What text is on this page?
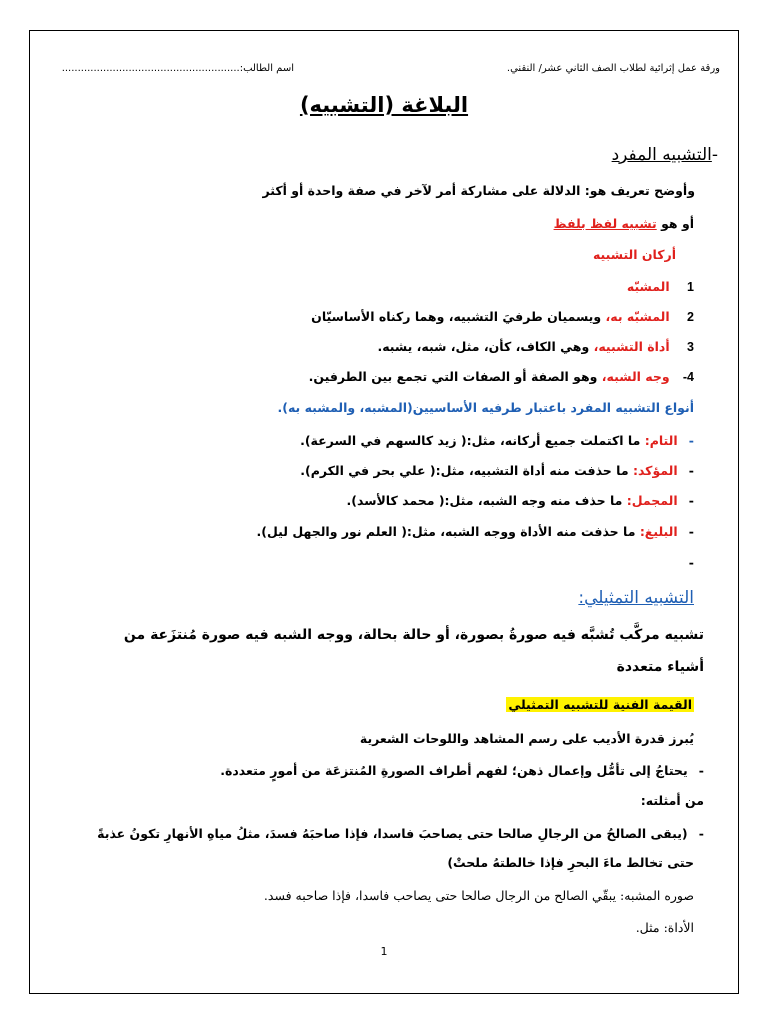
ورقة عمل إثرائية لطلاب الصف الثاني عشر/ النقني.
اسم الطالب:........................................................
البلاغة (التشبيه)
-التشبيه المفرد
وأوضح تعريف هو: الدلالة على مشاركة أمر لآخر في صفة واحدة أو أكثر
أو هو تشبيه لفظ بلفظ
أركان التشبيه
1 المشبّه
2 المشبّه به، ويسميان طرفيَ التشبيه، وهما ركناه الأساسيّان
3 أداة التشبيه، وهي الكاف، كأن، مثل، شبه، يشبه.
4- وجه الشبه، وهو الصفة أو الصفات التي تجمع بين الطرفين.
أنواع التشبيه المفرد باعتبار طرفيه الأساسيين(المشبه، والمشبه به).
- التام: ما اكتملت جميع أركانه، مثل:( زيد كالسهم في السرعة).
- المؤكد: ما حذفت منه أداة التشبيه، مثل:( علي بحر في الكرم).
- المجمل: ما حذف منه وجه الشبه، مثل:( محمد كالأسد).
- البليغ: ما حذفت منه الأداة ووجه الشبه، مثل:( العلم نور والجهل ليل).
-
التشبيه التمثيلي:
تشبيه مركَّب تُشبَّه فيه صورةُ بصورة، أو حالة بحالة، ووجه الشبه فيه صورة مُنتزَعة من
أشياء متعددة
القيمة الفنية للتشبيه التمثيلي
يُبرز قدرة الأديب على رسم المشاهد واللوحات الشعرية
- يحتاجُ إلى تأمُّل وإعمال ذهن؛ لفهم أطراف الصورةِ المُنتزعَة من أمورٍ متعددة.
من أمثلته:
- (يبقى الصالحُ من الرجالِ صالحا حتى يصاحبَ فاسدا، فإذا صاحبَهُ فسدَ، مثلُ مياهِ الأنهارِ تكونُ عذبةً
حتى تخالط ماءَ البحرِ فإذا خالطتهُ ملحتْ)
صوره المشبه: يبقّي الصالح من الرجال صالحا حتى يصاحب فاسدا، فإذا صاحبه فسد.
الأداة: مثل.
1
